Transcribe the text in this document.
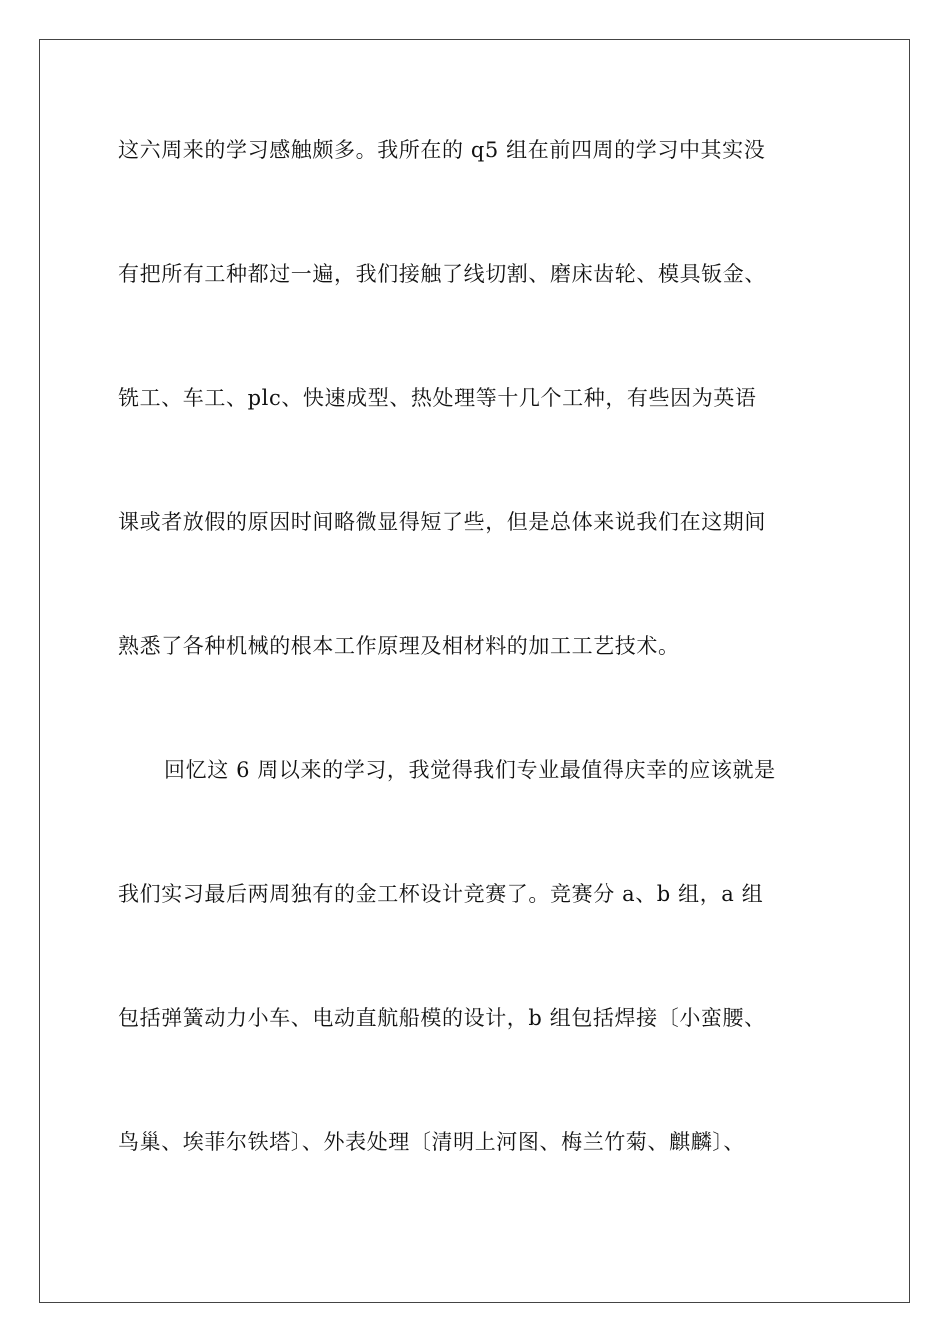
这六周来的学习感触颇多。我所在的 q5 组在前四周的学习中其实没
有把所有工种都过一遍，我们接触了线切割、磨床齿轮、模具钣金、
铣工、车工、plc、快速成型、热处理等十几个工种，有些因为英语
课或者放假的原因时间略微显得短了些，但是总体来说我们在这期间
熟悉了各种机械的根本工作原理及相材料的加工工艺技术。
回忆这 6 周以来的学习，我觉得我们专业最值得庆幸的应该就是
我们实习最后两周独有的金工杯设计竞赛了。竞赛分 a、b 组，a 组
包括弹簧动力小车、电动直航船模的设计，b 组包括焊接〔小蛮腰、
鸟巢、埃菲尔铁塔〕、外表处理〔清明上河图、梅兰竹菊、麒麟〕、
